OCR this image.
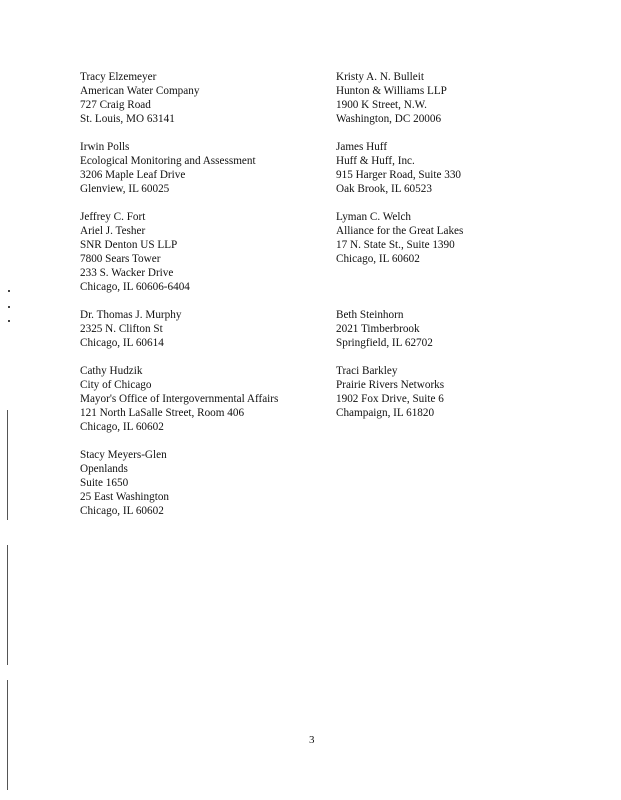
Tracy Elzemeyer
American Water Company
727 Craig Road
St. Louis, MO 63141
Irwin Polls
Ecological Monitoring and Assessment
3206 Maple Leaf Drive
Glenview, IL 60025
Jeffrey C. Fort
Ariel J. Tesher
SNR Denton US LLP
7800 Sears Tower
233 S. Wacker Drive
Chicago, IL 60606-6404
Dr. Thomas J. Murphy
2325 N. Clifton St
Chicago, IL 60614
Cathy Hudzik
City of Chicago
Mayor's Office of Intergovernmental Affairs
121 North LaSalle Street, Room 406
Chicago, IL 60602
Stacy Meyers-Glen
Openlands
Suite 1650
25 East Washington
Chicago, IL 60602
Kristy A. N. Bulleit
Hunton & Williams LLP
1900 K Street, N.W.
Washington, DC 20006
James Huff
Huff & Huff, Inc.
915 Harger Road, Suite 330
Oak Brook, IL 60523
Lyman C. Welch
Alliance for the Great Lakes
17 N. State St., Suite 1390
Chicago, IL 60602
Beth Steinhorn
2021 Timberbrook
Springfield, IL 62702
Traci Barkley
Prairie Rivers Networks
1902 Fox Drive, Suite 6
Champaign, IL 61820
3
